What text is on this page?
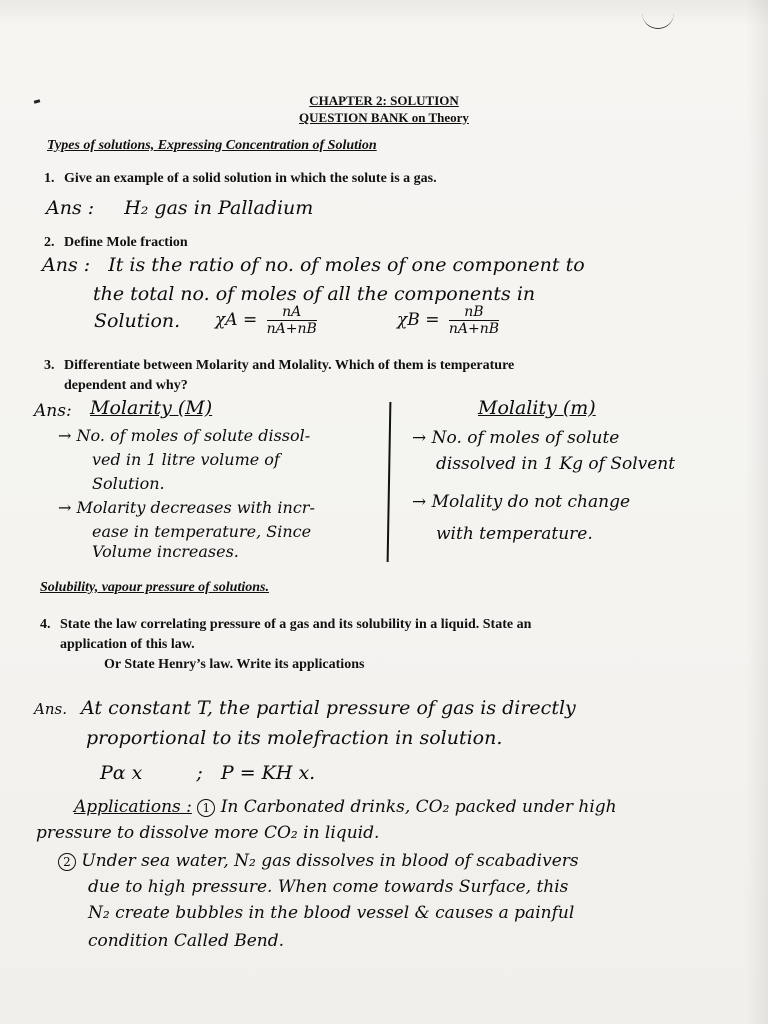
CHAPTER 2: SOLUTION
QUESTION BANK on Theory
Types of solutions, Expressing Concentration of Solution
1. Give an example of a solid solution in which the solute is a gas.
Ans : H₂ gas in Palladium
2. Define Mole fraction
Ans : It is the ratio of no. of moles of one component to
the total no. of moles of all the components in
Solution. $\chi A = \frac{nA}{nA+nB}$	$\chi B = \frac{nB}{nA+nB}$
3. Differentiate between Molarity and Molality. Which of them is temperature
dependent and why?
Ans: Molarity (M)
→ No. of moles of solute dissol-
ved in 1 litre volume of
Solution.
→ Molarity decreases with incr-
ease in temperature, Since
Volume increases.
Molality (m)
→ No. of moles of solute
dissolved in 1 Kg of Solvent
→ Molality do not change
with temperature.
Solubility, vapour pressure of solutions.
4. State the law correlating pressure of a gas and its solubility in a liquid. State an
application of this law.
Or State Henry’s law. Write its applications
Ans. At constant T, the partial pressure of gas is directly
proportional to its molefraction in solution.
Pα x	; P = KH x.
Applications : 1 In Carbonated drinks, CO₂ packed under high
pressure to dissolve more CO₂ in liquid.
2 Under sea water, N₂ gas dissolves in blood of scabadivers
due to high pressure. When come towards Surface, this
N₂ create bubbles in the blood vessel & causes a painful
condition Called Bend.
